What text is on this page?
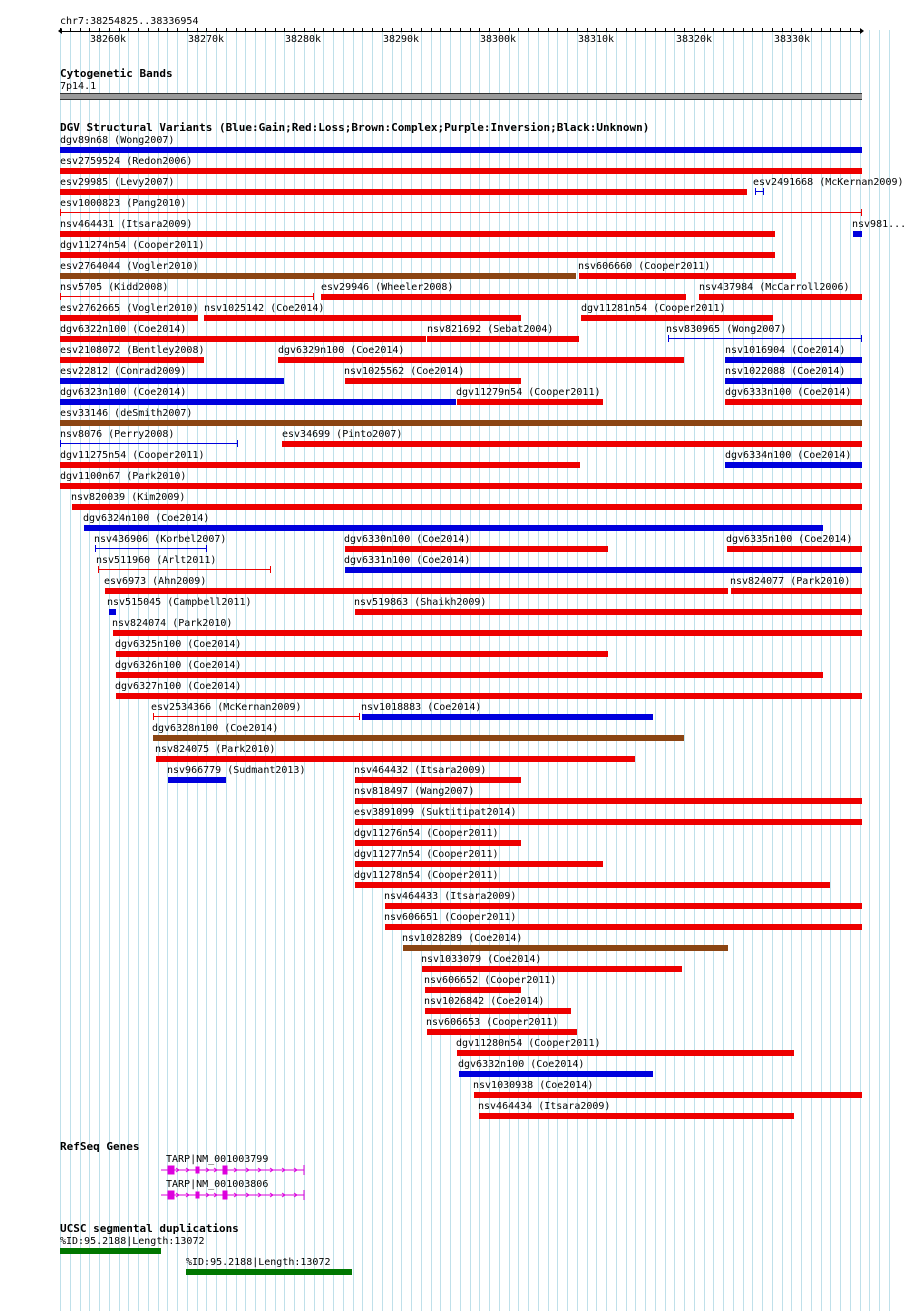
chr7:38254825..38336954
38260k	38270k	38280k	38290k	38300k	38310k	38320k	38330k
Cytogenetic Bands
7p14.1
DGV Structural Variants (Blue:Gain;Red:Loss;Brown:Complex;Purple:Inversion;Black:Unknown)
dgv89n68 (Wong2007)
esv2759524 (Redon2006)
esv29985 (Levy2007)	esv2491668 (McKernan2009)
esv1000823 (Pang2010)
nsv464431 (Itsara2009)	nsv981...
dgv11274n54 (Cooper2011)
esv2764044 (Vogler2010)	nsv606660 (Cooper2011)
nsv5705 (Kidd2008)	esv29946 (Wheeler2008)	nsv437984 (McCarroll2006)
esv2762665 (Vogler2010) nsv1025142 (Coe2014)	dgv11281n54 (Cooper2011)
dgv6322n100 (Coe2014)	nsv821692 (Sebat2004)	nsv830965 (Wong2007)
esv2108072 (Bentley2008)	dgv6329n100 (Coe2014)	nsv1016904 (Coe2014)
esv22812 (Conrad2009)	nsv1025562 (Coe2014)	nsv1022088 (Coe2014)
dgv6323n100 (Coe2014)	dgv11279n54 (Cooper2011)	dgv6333n100 (Coe2014)
esv33146 (deSmith2007)
nsv8076 (Perry2008)	esv34699 (Pinto2007)
dgv11275n54 (Cooper2011)	dgv6334n100 (Coe2014)
dgv1100n67 (Park2010)
nsv820039 (Kim2009)
dgv6324n100 (Coe2014)
nsv436906 (Korbel2007)	dgv6330n100 (Coe2014)	dgv6335n100 (Coe2014)
nsv511960 (Arlt2011)	dgv6331n100 (Coe2014)
esv6973 (Ahn2009)	nsv824077 (Park2010)
nsv515045 (Campbell2011)	nsv519863 (Shaikh2009)
nsv824074 (Park2010)
dgv6325n100 (Coe2014)
dgv6326n100 (Coe2014)
dgv6327n100 (Coe2014)
esv2534366 (McKernan2009)	nsv1018883 (Coe2014)
dgv6328n100 (Coe2014)
nsv824075 (Park2010)
nsv966779 (Sudmant2013)	nsv464432 (Itsara2009)
nsv818497 (Wang2007)
esv3891099 (Suktitipat2014)
dgv11276n54 (Cooper2011)
dgv11277n54 (Cooper2011)
dgv11278n54 (Cooper2011)
nsv464433 (Itsara2009)
nsv606651 (Cooper2011)
nsv1028289 (Coe2014)
nsv1033079 (Coe2014)
nsv606652 (Cooper2011)
nsv1026842 (Coe2014)
nsv606653 (Cooper2011)
dgv11280n54 (Cooper2011)
dgv6332n100 (Coe2014)
nsv1030938 (Coe2014)
nsv464434 (Itsara2009)
RefSeq Genes
TARP|NM_001003799
TARP|NM_001003806
UCSC segmental duplications
%ID:95.2188|Length:13072
%ID:95.2188|Length:13072
